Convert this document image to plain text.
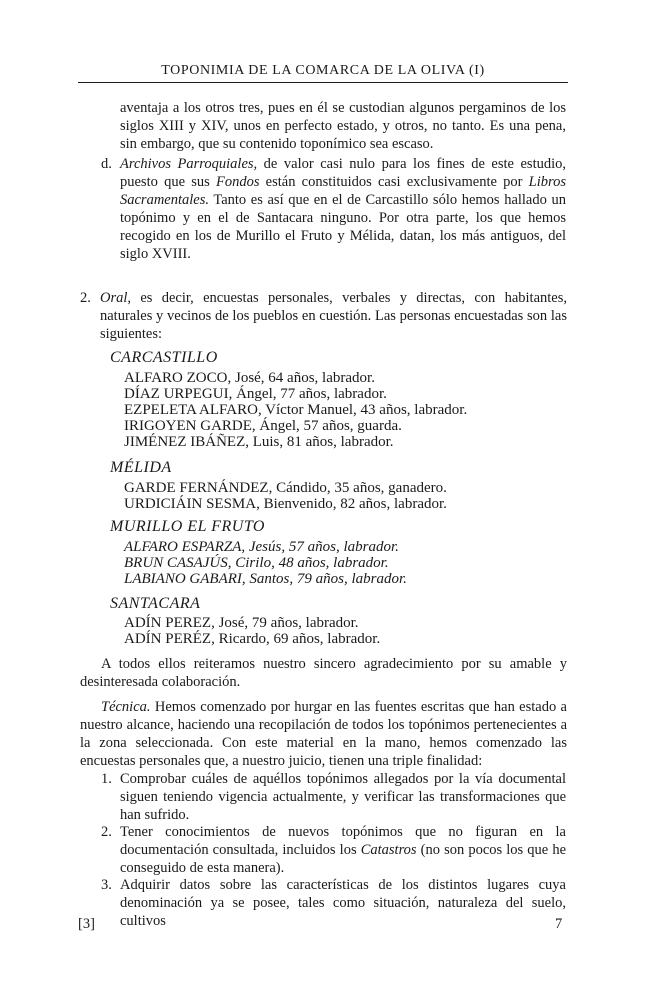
TOPONIMIA DE LA COMARCA DE LA OLIVA (I)
aventaja a los otros tres, pues en él se custodian algunos pergaminos de los siglos XIII y XIV, unos en perfecto estado, y otros, no tanto. Es una pena, sin embargo, que su contenido toponímico sea escaso.
d. Archivos Parroquiales, de valor casi nulo para los fines de este estudio, puesto que sus Fondos están constituidos casi exclusivamente por Libros Sacramentales. Tanto es así que en el de Carcastillo sólo hemos hallado un topónimo y en el de Santacara ninguno. Por otra parte, los que hemos recogido en los de Murillo el Fruto y Mélida, datan, los más antiguos, del siglo XVIII.
2. Oral, es decir, encuestas personales, verbales y directas, con habitantes, naturales y vecinos de los pueblos en cuestión. Las personas encuestadas son las siguientes:
CARCASTILLO
ALFARO ZOCO, José, 64 años, labrador.
DÍAZ URPEGUI, Ángel, 77 años, labrador.
EZPELETA ALFARO, Víctor Manuel, 43 años, labrador.
IRIGOYEN GARDE, Ángel, 57 años, guarda.
JIMÉNEZ IBÁÑEZ, Luis, 81 años, labrador.
MÉLIDA
GARDE FERNÁNDEZ, Cándido, 35 años, ganadero.
URDICIÁIN SESMA, Bienvenido, 82 años, labrador.
MURILLO EL FRUTO
ALFARO ESPARZA, Jesús, 57 años, labrador.
BRUN CASAJÚS, Cirilo, 48 años, labrador.
LABIANO GABARI, Santos, 79 años, labrador.
SANTACARA
ADÍN PEREZ, José, 79 años, labrador.
ADÍN PERÉZ, Ricardo, 69 años, labrador.
A todos ellos reiteramos nuestro sincero agradecimiento por su amable y desinteresada colaboración.
Técnica. Hemos comenzado por hurgar en las fuentes escritas que han estado a nuestro alcance, haciendo una recopilación de todos los topónimos pertenecientes a la zona seleccionada. Con este material en la mano, hemos comenzado las encuestas personales que, a nuestro juicio, tienen una triple finalidad:
1. Comprobar cuáles de aquéllos topónimos allegados por la vía documental siguen teniendo vigencia actualmente, y verificar las transformaciones que han sufrido.
2. Tener conocimientos de nuevos topónimos que no figuran en la documentación consultada, incluidos los Catastros (no son pocos los que he conseguido de esta manera).
3. Adquirir datos sobre las características de los distintos lugares cuya denominación ya se posee, tales como situación, naturaleza del suelo, cultivos
[3]	7
